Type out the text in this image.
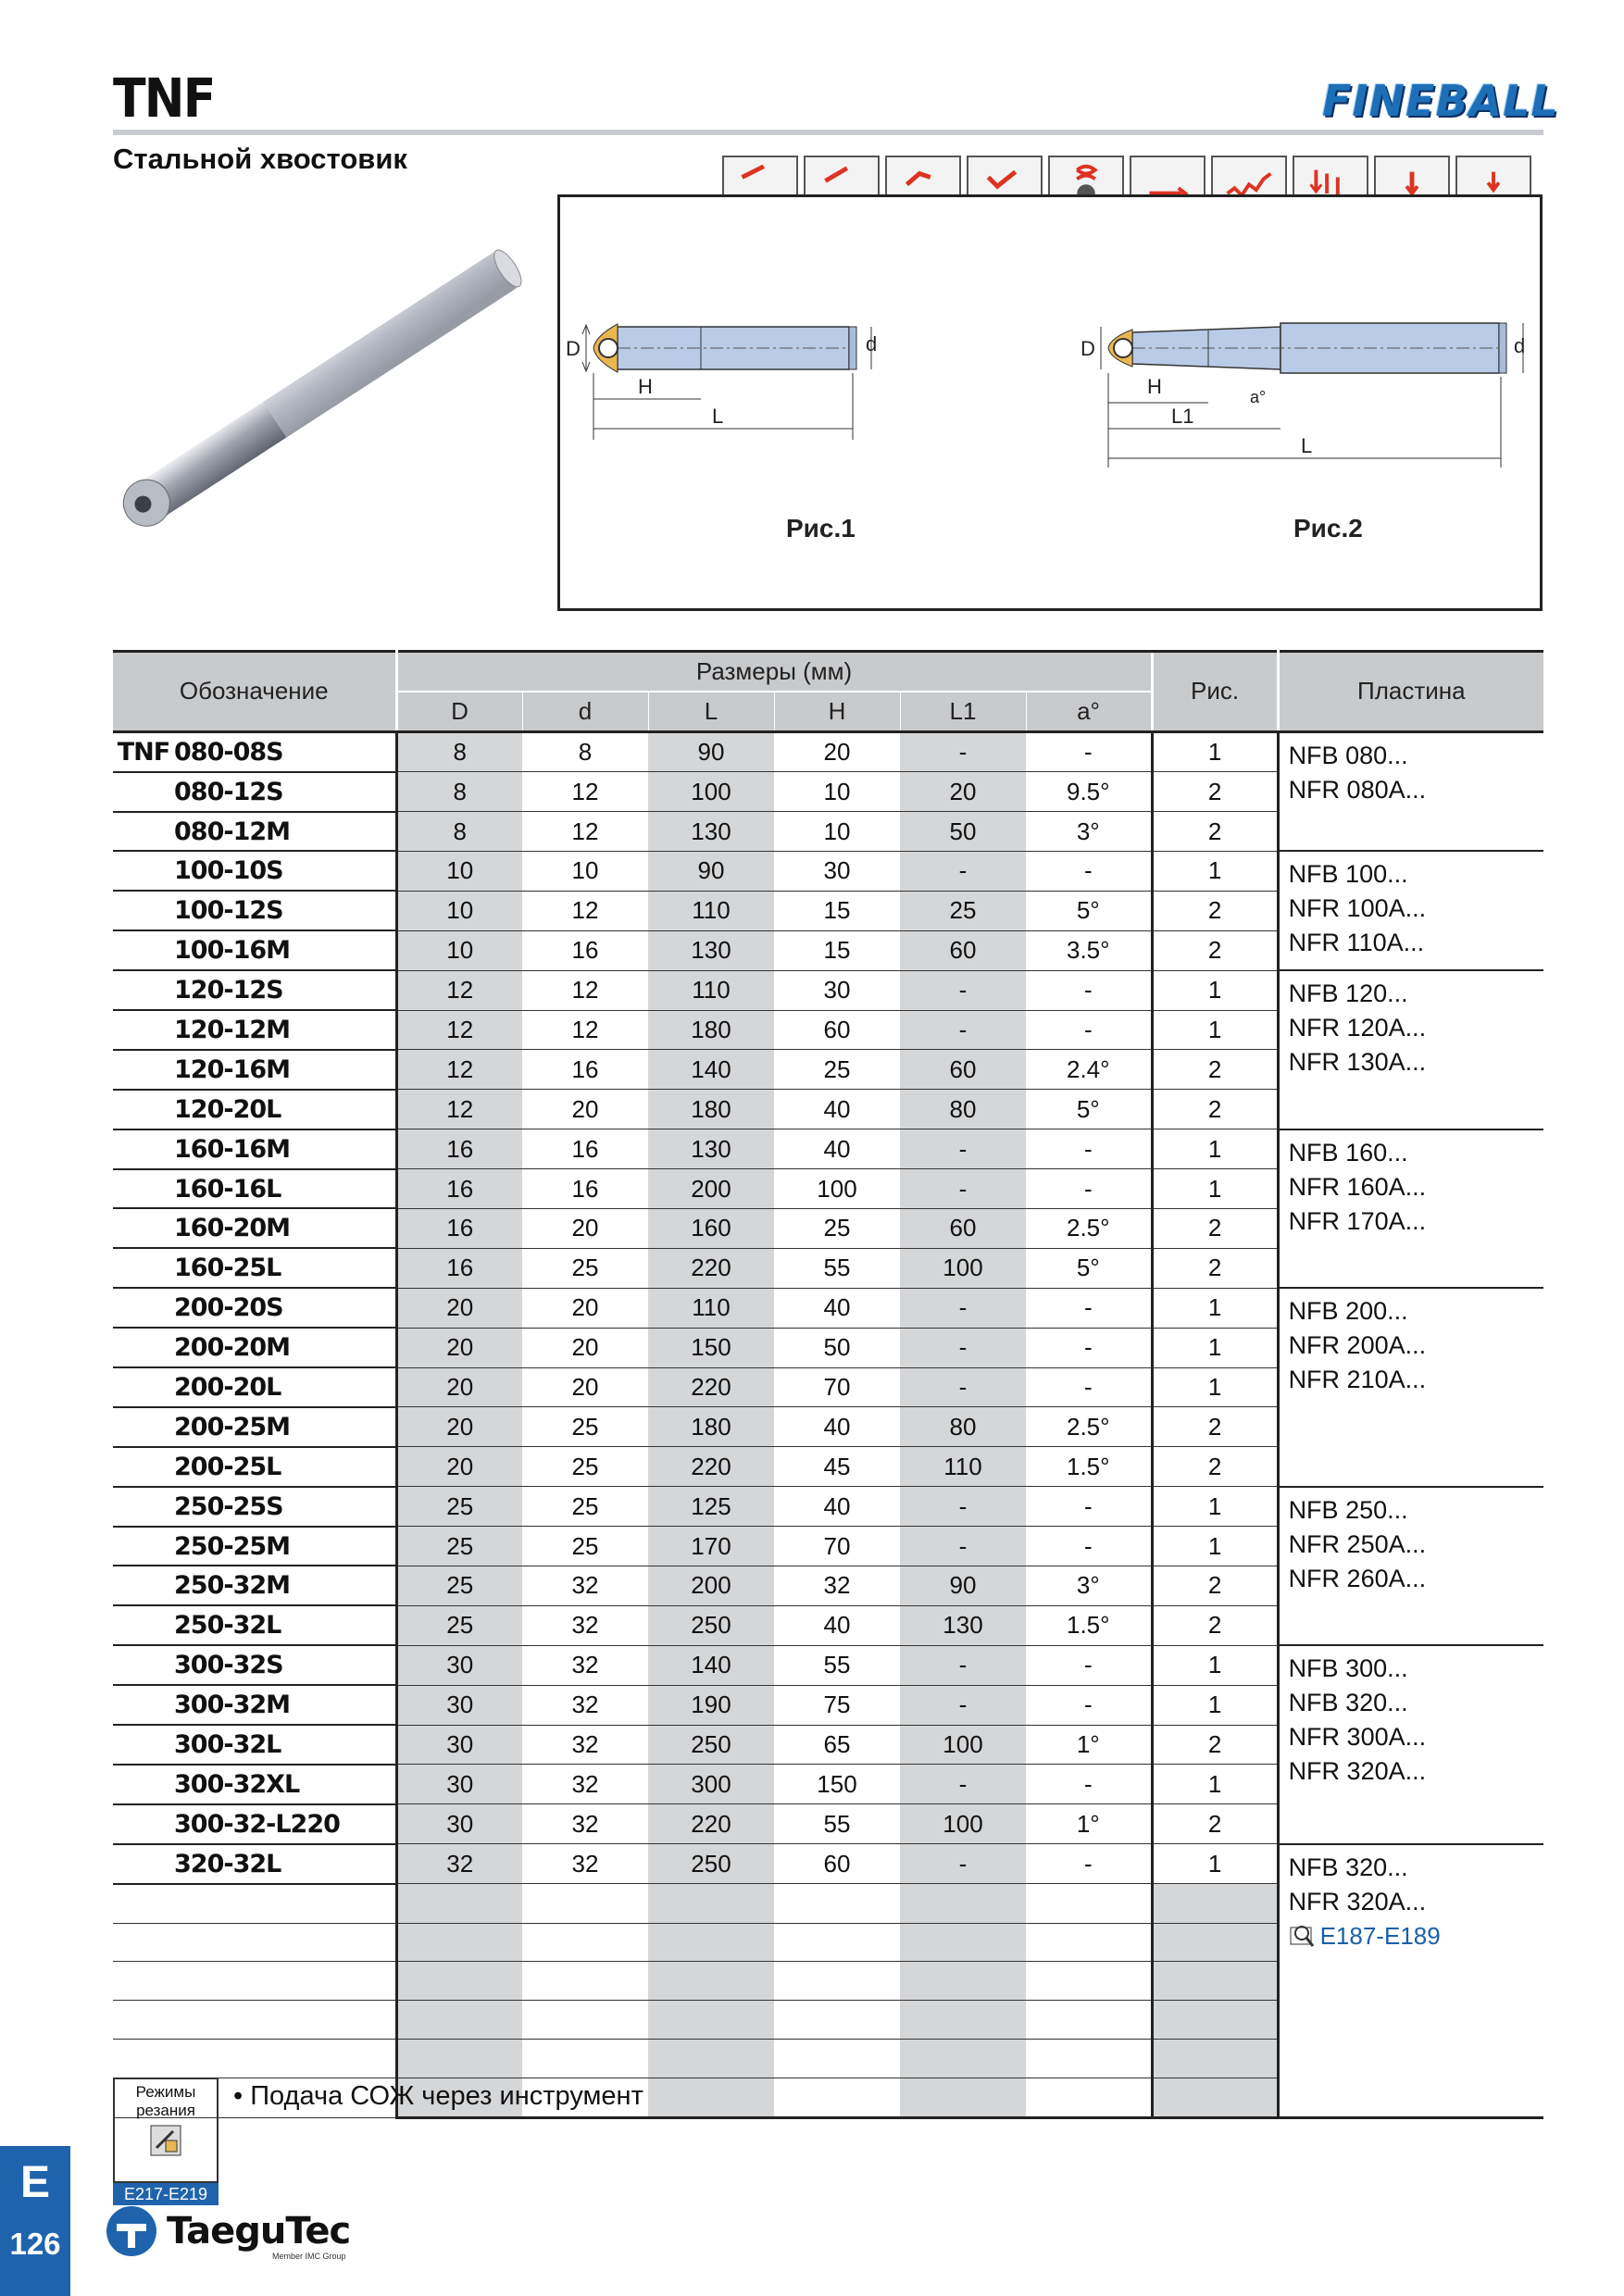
TNF	FINEBALL
Стальной хвостовик
D	d
H
L
Рис.1
D	d
H	a°
L1
L
Рис.2
Обозначение	Размеры (мм)						Рис.	Пластина
	D	d	L	H	L1	a°		
TNF 080-08S	8	8	90	20	-	-	1	NFB 080...
NFR 080A...

080-12S	8	12	100	10	20	9.5°	2	
080-12M	8	12	130	10	50	3°	2	
100-10S	10	10	90	30	-	-	1	NFB 100...
NFR 100A...
NFR 110A...

100-12S	10	12	110	15	25	5°	2	
100-16M	10	16	130	15	60	3.5°	2	
120-12S	12	12	110	30	-	-	1	NFB 120...
NFR 120A...
NFR 130A...

120-12M	12	12	180	60	-	-	1	
120-16M	12	16	140	25	60	2.4°	2	
120-20L	12	20	180	40	80	5°	2	
160-16M	16	16	130	40	-	-	1	NFB 160...
NFR 160A...
NFR 170A...

160-16L	16	16	200	100	-	-	1	
160-20M	16	20	160	25	60	2.5°	2	
160-25L	16	25	220	55	100	5°	2	
200-20S	20	20	110	40	-	-	1	NFB 200...
NFR 200A...
NFR 210A...

200-20M	20	20	150	50	-	-	1	
200-20L	20	20	220	70	-	-	1	
200-25M	20	25	180	40	80	2.5°	2	
200-25L	20	25	220	45	110	1.5°	2	
250-25S	25	25	125	40	-	-	1	NFB 250...
NFR 250A...
NFR 260A...

250-25M	25	25	170	70	-	-	1	
250-32M	25	32	200	32	90	3°	2	
250-32L	25	32	250	40	130	1.5°	2	
300-32S	30	32	140	55	-	-	1	NFB 300...
NFB 320...
NFR 300A...
NFR 320A...

300-32M	30	32	190	75	-	-	1	
300-32L	30	32	250	65	100	1°	2	
300-32XL	30	32	300	150	-	-	1	
300-32-L220	30	32	220	55	100	1°	2	
320-32L	32	32	250	60	-	-	1	NFB 320...
NFR 320A...
E187-E189

Режимы резания
E217-E219
• Подача СОЖ через инструмент
E
126	TaeguTec
Member IMC Group
